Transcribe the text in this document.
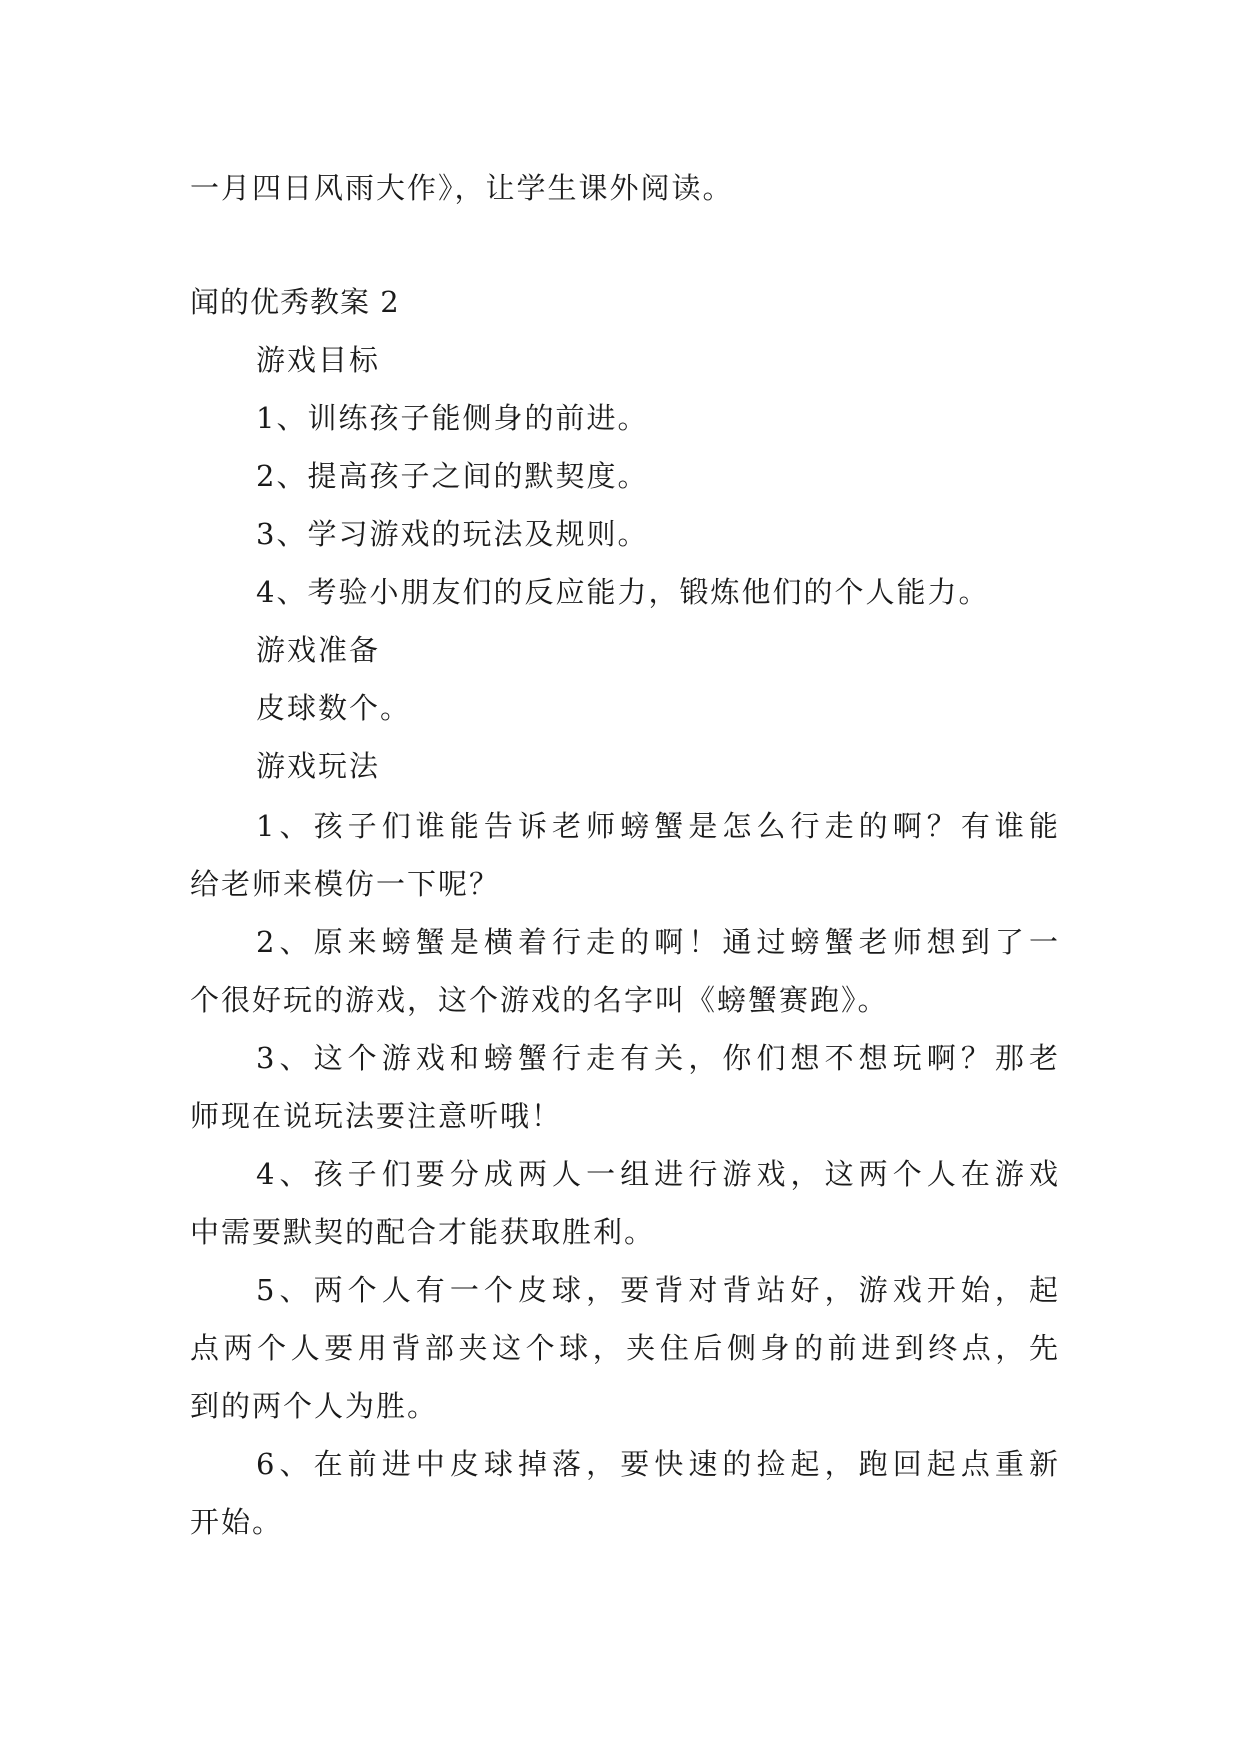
一月四日风雨大作》，让学生课外阅读。
闻的优秀教案 2
游戏目标
1、训练孩子能侧身的前进。
2、提高孩子之间的默契度。
3、学习游戏的玩法及规则。
4、考验小朋友们的反应能力，锻炼他们的个人能力。
游戏准备
皮球数个。
游戏玩法
1、孩子们谁能告诉老师螃蟹是怎么行走的啊？有谁能
给老师来模仿一下呢？
2、原来螃蟹是横着行走的啊！通过螃蟹老师想到了一
个很好玩的游戏，这个游戏的名字叫《螃蟹赛跑》。
3、这个游戏和螃蟹行走有关，你们想不想玩啊？那老
师现在说玩法要注意听哦！
4、孩子们要分成两人一组进行游戏，这两个人在游戏
中需要默契的配合才能获取胜利。
5、两个人有一个皮球，要背对背站好，游戏开始，起
点两个人要用背部夹这个球，夹住后侧身的前进到终点，先
到的两个人为胜。
6、在前进中皮球掉落，要快速的捡起，跑回起点重新
开始。
